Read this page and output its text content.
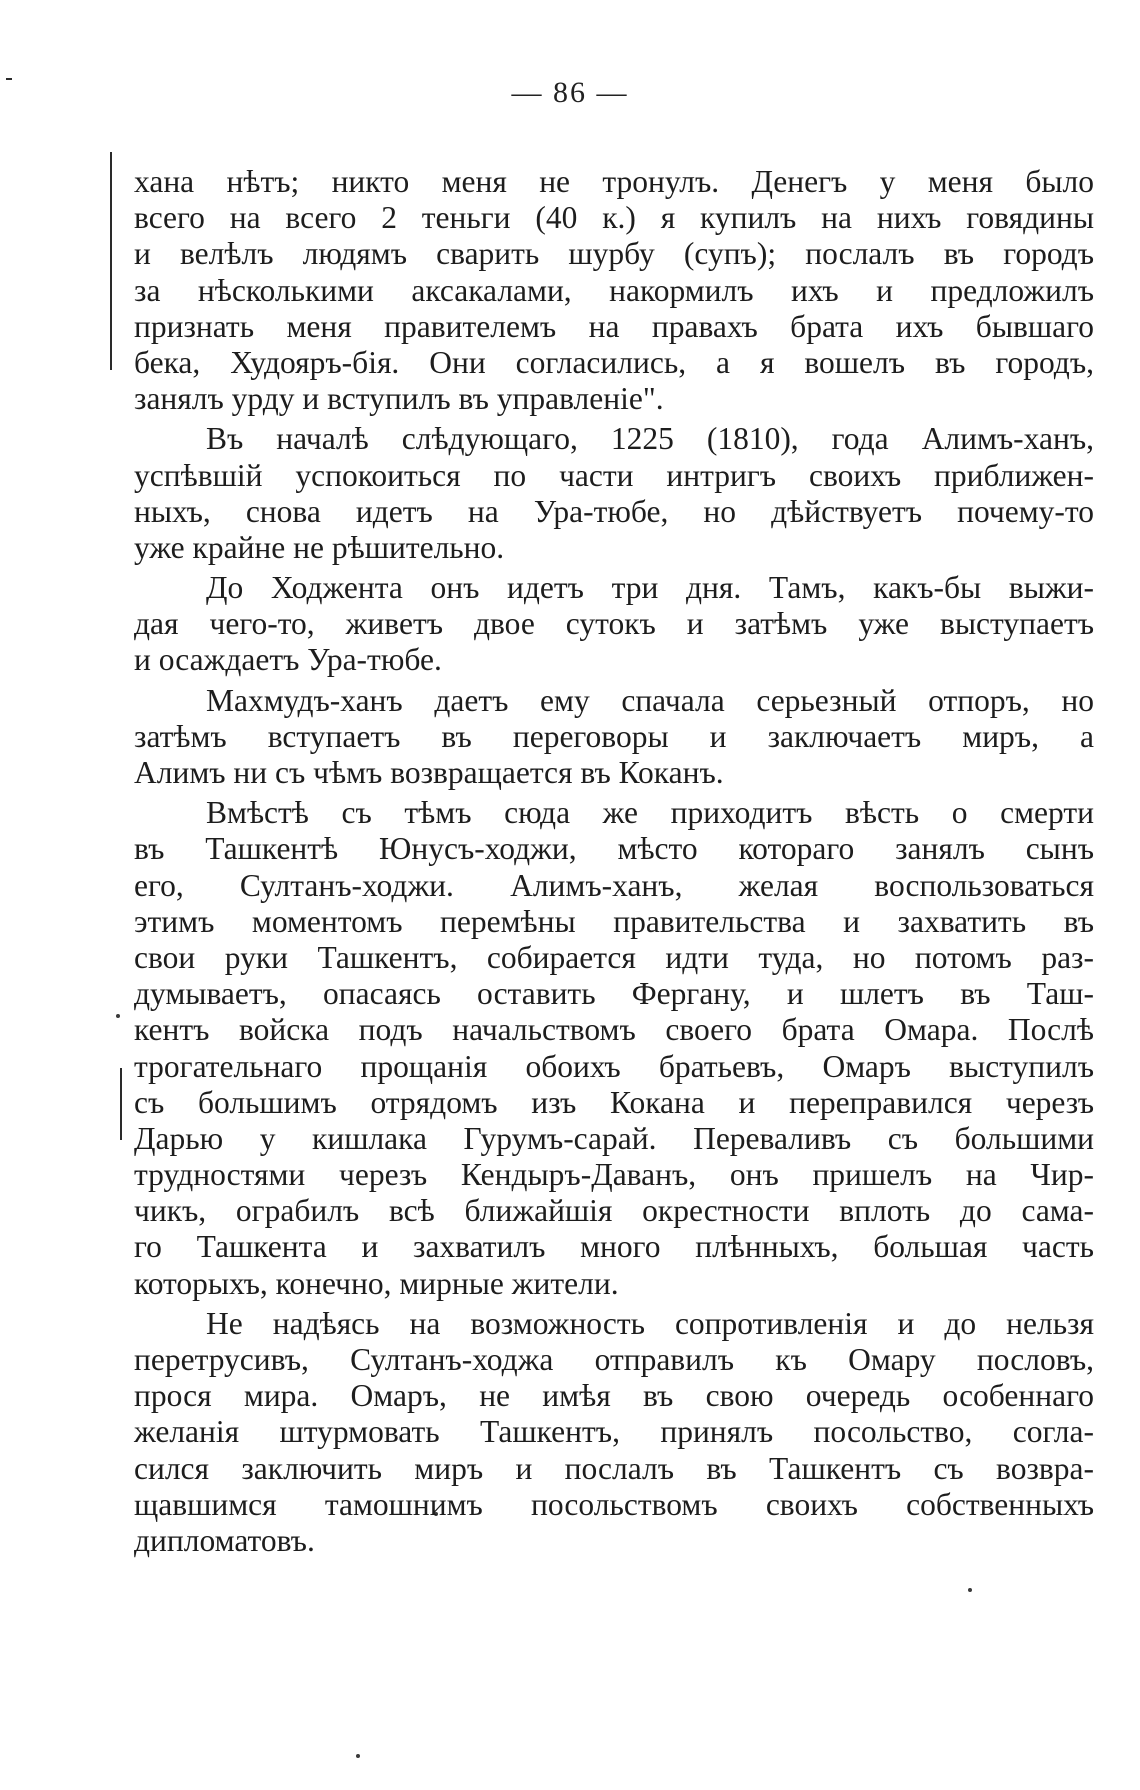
— 86 —
хана нѣтъ; никто меня не тронулъ. Денегъ у меня было
всего на всего 2 теньги (40 к.) я купилъ на нихъ говядины
и велѣлъ людямъ сварить шурбу (супъ); послалъ въ городъ
за нѣсколькими аксакалами, накормилъ ихъ и предложилъ
признать меня правителемъ на правахъ брата ихъ бывшаго
бека, Худояръ-бія. Они согласились, а я вошелъ въ городъ,
занялъ урду и вступилъ въ управленіе".
Въ началѣ слѣдующаго, 1225 (1810), года Алимъ-ханъ,
успѣвшій успокоиться по части интригъ своихъ приближен-
ныхъ, снова идетъ на Ура-тюбе, но дѣйствуетъ почему-то
уже крайне не рѣшительно.
До Ходжента онъ идетъ три дня. Тамъ, какъ-бы выжи-
дая чего-то, живетъ двое сутокъ и затѣмъ уже выступаетъ
и осаждаетъ Ура-тюбе.
Махмудъ-ханъ даетъ ему спачала серьезный отпоръ, но
затѣмъ вступаетъ въ переговоры и заключаетъ миръ, а
Алимъ ни съ чѣмъ возвращается въ Коканъ.
Вмѣстѣ съ тѣмъ сюда же приходитъ вѣсть о смерти
въ Ташкентѣ Юнусъ-ходжи, мѣсто котораго занялъ сынъ
его, Султанъ-ходжи. Алимъ-ханъ, желая воспользоваться
этимъ моментомъ перемѣны правительства и захватить въ
свои руки Ташкентъ, собирается идти туда, но потомъ раз-
думываетъ, опасаясь оставить Фергану, и шлетъ въ Таш-
кентъ войска подъ начальствомъ своего брата Омара. Послѣ
трогательнаго прощанія обоихъ братьевъ, Омаръ выступилъ
съ большимъ отрядомъ изъ Кокана и переправился черезъ
Дарью у кишлака Гурумъ-сарай. Переваливъ съ большими
трудностями черезъ Кендыръ-Даванъ, онъ пришелъ на Чир-
чикъ, ограбилъ всѣ ближайшія окрестности вплоть до сама-
го Ташкента и захватилъ много плѣнныхъ, большая часть
которыхъ, конечно, мирные жители.
Не надѣясь на возможность сопротивленія и до нельзя
перетрусивъ, Султанъ-ходжа отправилъ къ Омару пословъ,
прося мира. Омаръ, не имѣя въ свою очередь особеннаго
желанія штурмовать Ташкентъ, принялъ посольство, согла-
сился заключить миръ и послалъ въ Ташкентъ съ возвра-
щавшимся тамошнимъ посольствомъ своихъ собственныхъ
дипломатовъ.
